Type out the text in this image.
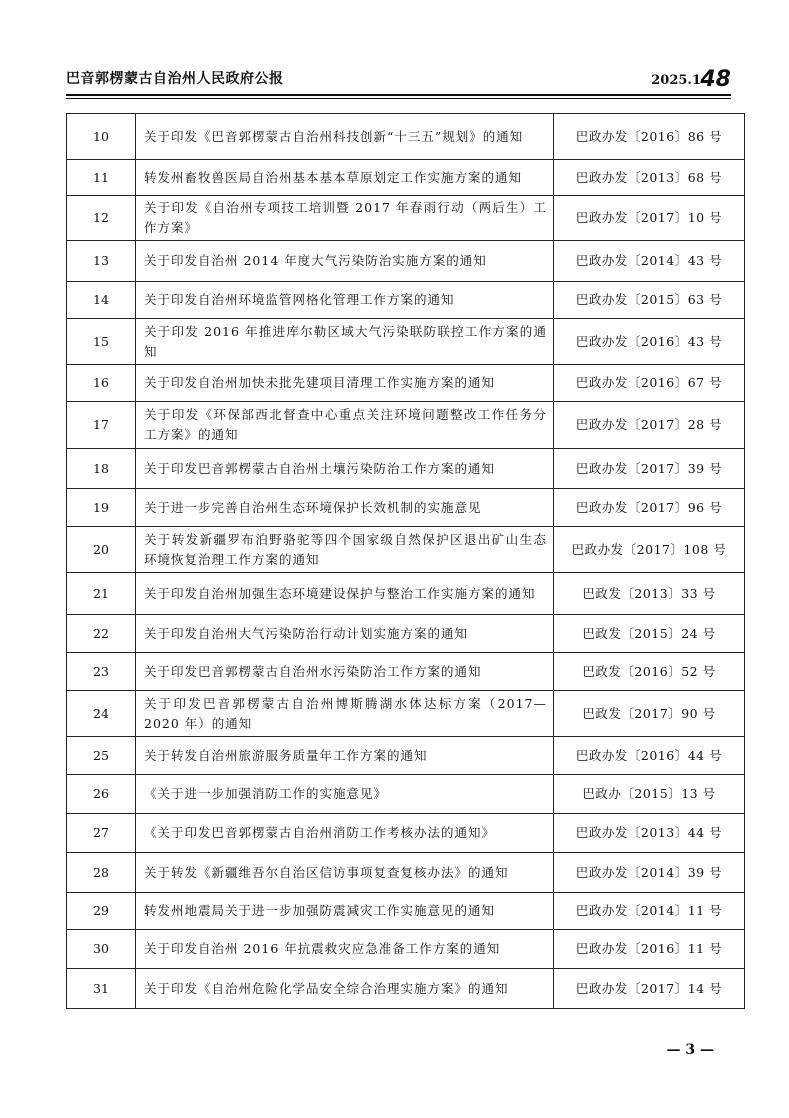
巴音郭楞蒙古自治州人民政府公报	2025.1 48
10	关于印发《巴音郭楞蒙古自治州科技创新“十三五”规划》的通知	巴政办发〔2016〕86 号
11	转发州畜牧兽医局自治州基本基本草原划定工作实施方案的通知	巴政办发〔2013〕68 号
12	关于印发《自治州专项技工培训暨 2017 年春雨行动（两后生）工作方案》	巴政办发〔2017〕10 号
13	关于印发自治州 2014 年度大气污染防治实施方案的通知	巴政办发〔2014〕43 号
14	关于印发自治州环境监管网格化管理工作方案的通知	巴政办发〔2015〕63 号
15	关于印发 2016 年推进库尔勒区域大气污染联防联控工作方案的通知	巴政办发〔2016〕43 号
16	关于印发自治州加快未批先建项目清理工作实施方案的通知	巴政办发〔2016〕67 号
17	关于印发《环保部西北督查中心重点关注环境问题整改工作任务分工方案》的通知	巴政办发〔2017〕28 号
18	关于印发巴音郭楞蒙古自治州土壤污染防治工作方案的通知	巴政办发〔2017〕39 号
19	关于进一步完善自治州生态环境保护长效机制的实施意见	巴政办发〔2017〕96 号
20	关于转发新疆罗布泊野骆驼等四个国家级自然保护区退出矿山生态环境恢复治理工作方案的通知	巴政办发〔2017〕108 号
21	关于印发自治州加强生态环境建设保护与整治工作实施方案的通知	巴政发〔2013〕33 号
22	关于印发自治州大气污染防治行动计划实施方案的通知	巴政发〔2015〕24 号
23	关于印发巴音郭楞蒙古自治州水污染防治工作方案的通知	巴政发〔2016〕52 号
24	关于印发巴音郭楞蒙古自治州博斯腾湖水体达标方案（2017—2020 年）的通知	巴政发〔2017〕90 号
25	关于转发自治州旅游服务质量年工作方案的通知	巴政办发〔2016〕44 号
26	《关于进一步加强消防工作的实施意见》	巴政办〔2015〕13 号
27	《关于印发巴音郭楞蒙古自治州消防工作考核办法的通知》	巴政办发〔2013〕44 号
28	关于转发《新疆维吾尔自治区信访事项复查复核办法》的通知	巴政办发〔2014〕39 号
29	转发州地震局关于进一步加强防震减灾工作实施意见的通知	巴政办发〔2014〕11 号
30	关于印发自治州 2016 年抗震救灾应急准备工作方案的通知	巴政办发〔2016〕11 号
31	关于印发《自治州危险化学品安全综合治理实施方案》的通知	巴政办发〔2017〕14 号
— 3 —
